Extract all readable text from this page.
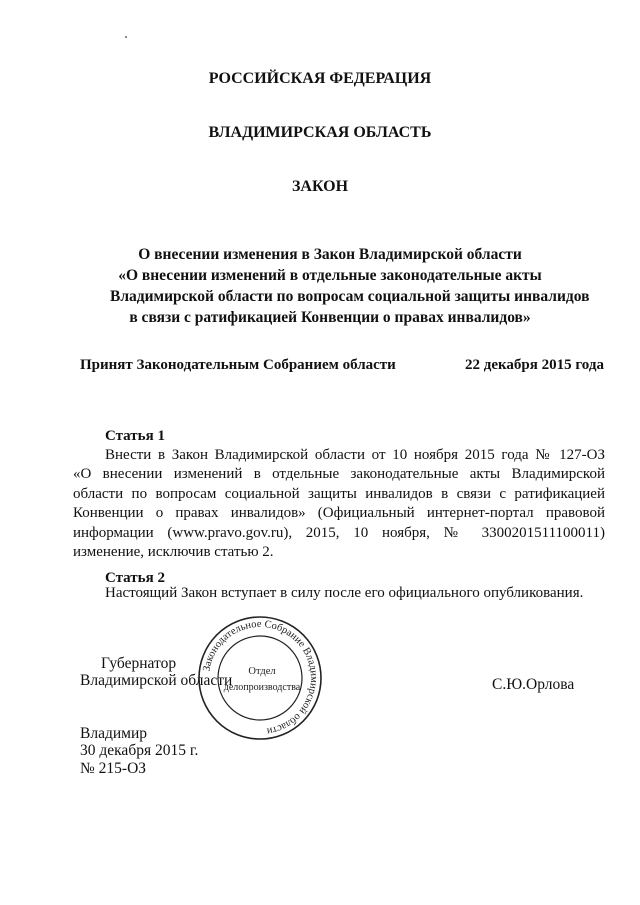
РОССИЙСКАЯ ФЕДЕРАЦИЯ
ВЛАДИМИРСКАЯ ОБЛАСТЬ
ЗАКОН
О внесении изменения в Закон Владимирской области
«О внесении изменений в отдельные законодательные акты
Владимирской области по вопросам социальной защиты инвалидов
в связи с ратификацией Конвенции о правах инвалидов»
Принят Законодательным Собранием области	22 декабря 2015 года
Статья 1
Внести в Закон Владимирской области от 10 ноября 2015 года № 127-ОЗ
«О внесении изменений в отдельные законодательные акты Владимирской
области по вопросам социальной защиты инвалидов в связи с ратификацией
Конвенции о правах инвалидов» (Официальный интернет-портал правовой
информации (www.pravo.gov.ru), 2015, 10 ноября, № 3300201511100011)
изменение, исключив статью 2.
Статья 2
Настоящий Закон вступает в силу после его официального опубликования.
Губернатор
Владимирской области	С.Ю.Орлова
Законодательное Собрание Владимирской области
Отдел
делопроизводства
Владимир
30 декабря 2015 г.
№ 215-ОЗ
